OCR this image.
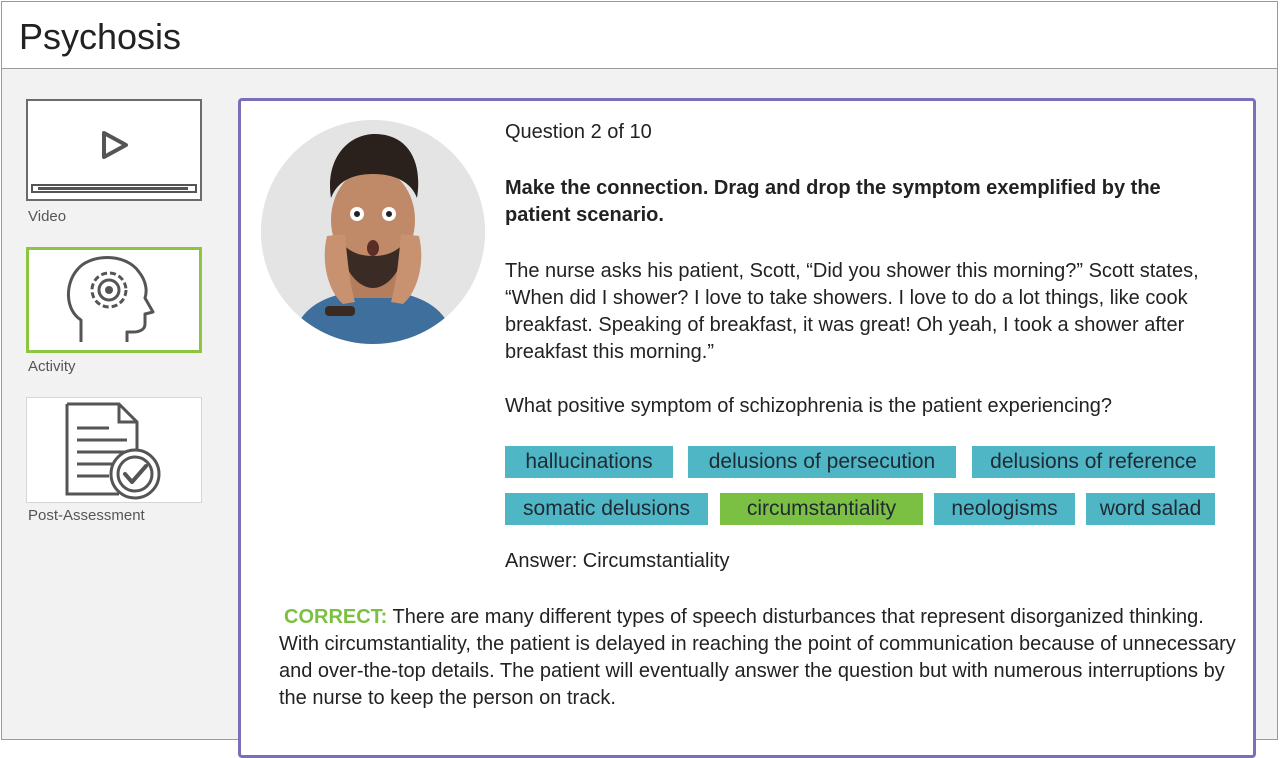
Psychosis
Video
Activity
Post-Assessment
Question 2 of 10
Make the connection. Drag and drop the symptom exemplified by the patient scenario.
The nurse asks his patient, Scott, “Did you shower this morning?” Scott states, “When did I shower? I love to take showers. I love to do a lot things, like cook breakfast. Speaking of breakfast, it was great! Oh yeah, I took a shower after breakfast this morning.”
What positive symptom of schizophrenia is the patient experiencing?
hallucinations	delusions of persecution	delusions of reference
somatic delusions	circumstantiality	neologisms	word salad
Answer: Circumstantiality
CORRECT: There are many different types of speech disturbances that represent disorganized thinking. With circumstantiality, the patient is delayed in reaching the point of communication because of unnecessary and over-the-top details. The patient will eventually answer the question but with numerous interruptions by the nurse to keep the person on track.
